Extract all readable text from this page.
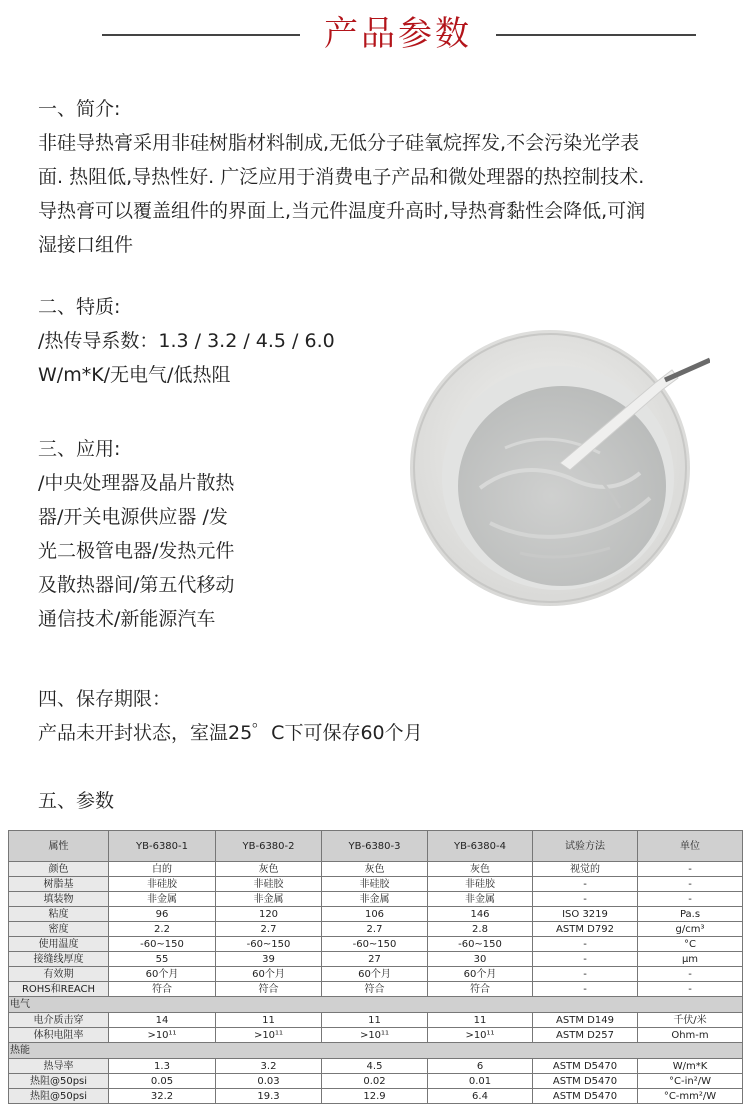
产品参数
一、简介:

非硅导热膏采用非硅树脂材料制成,无低分子硅氧烷挥发,不会污染光学表

面. 热阻低,导热性好. 广泛应用于消费电子产品和微处理器的热控制技术.

导热膏可以覆盖组件的界面上,当元件温度升高时,导热膏黏性会降低,可润

湿接口组件

二、特质:
/热传导系数：1.3 / 3.2 / 4.5 / 6.0
W/m*K/无电气/低热阻
三、应用:
/中央处理器及晶片散热
器/开关电源供应器 /发
光二极管电器/发热元件
及散热器间/第五代移动
通信技术/新能源汽车
四、保存期限：
产品未开封状态，室温25゜C下可保存60个月
五、参数
属性	YB-6380-1	YB-6380-2	YB-6380-3	YB-6380-4	试验方法	单位
颜色	白的	灰色	灰色	灰色	视觉的	-
树脂基	非硅胶	非硅胶	非硅胶	非硅胶	-	-
填装物	非金属	非金属	非金属	非金属	-	-
粘度	96	120	106	146	ISO 3219	Pa.s
密度	2.2	2.7	2.7	2.8	ASTM D792	g/cm³
使用温度	-60~150	-60~150	-60~150	-60~150	-	°C
接缝线厚度	55	39	27	30	-	μm
有效期	60个月	60个月	60个月	60个月	-	-
ROHS和REACH	符合	符合	符合	符合	-	-
电气						
电介质击穿	14	11	11	11	ASTM D149	千伏/米
体积电阻率	>10¹¹	>10¹¹	>10¹¹	>10¹¹	ASTM D257	Ohm-m
热能						
热导率	1.3	3.2	4.5	6	ASTM D5470	W/m*K
热阻@50psi	0.05	0.03	0.02	0.01	ASTM D5470	°C-in²/W
热阻@50psi	32.2	19.3	12.9	6.4	ASTM D5470	°C-mm²/W
